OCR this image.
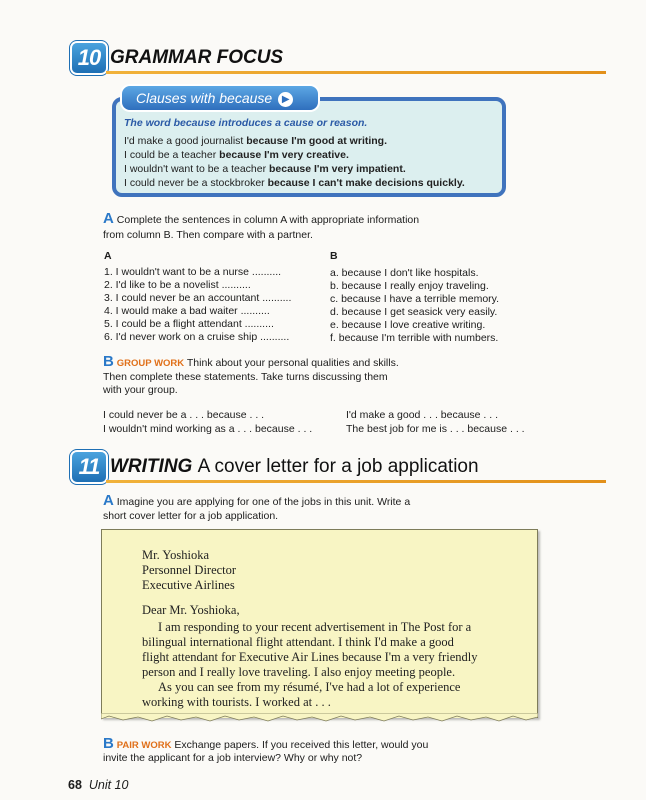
10 GRAMMAR FOCUS
Clauses with because ▶
The word because introduces a cause or reason.
I'd make a good journalist because I'm good at writing.
I could be a teacher because I'm very creative.
I wouldn't want to be a teacher because I'm very impatient.
I could never be a stockbroker because I can't make decisions quickly.
A Complete the sentences in column A with appropriate information
from column B. Then compare with a partner.
A	B
1. I wouldn't want to be a nurse ..........
2. I'd like to be a novelist ..........
3. I could never be an accountant ..........
4. I would make a bad waiter ..........
5. I could be a flight attendant ..........
6. I'd never work on a cruise ship ..........
a. because I don't like hospitals.
b. because I really enjoy traveling.
c. because I have a terrible memory.
d. because I get seasick very easily.
e. because I love creative writing.
f. because I'm terrible with numbers.
B GROUP WORK Think about your personal qualities and skills.
Then complete these statements. Take turns discussing them
with your group.
I could never be a . . . because . . .
I wouldn't mind working as a . . . because . . .
I'd make a good . . . because . . .
The best job for me is . . . because . . .
11 WRITING A cover letter for a job application
A Imagine you are applying for one of the jobs in this unit. Write a
short cover letter for a job application.
Mr. Yoshioka
Personnel Director
Executive Airlines
Dear Mr. Yoshioka,
I am responding to your recent advertisement in The Post for a
bilingual international flight attendant. I think I'd make a good
flight attendant for Executive Air Lines because I'm a very friendly
person and I really love traveling. I also enjoy meeting people.
As you can see from my résumé, I've had a lot of experience
working with tourists. I worked at . . .
B PAIR WORK Exchange papers. If you received this letter, would you
invite the applicant for a job interview? Why or why not?
68 Unit 10
